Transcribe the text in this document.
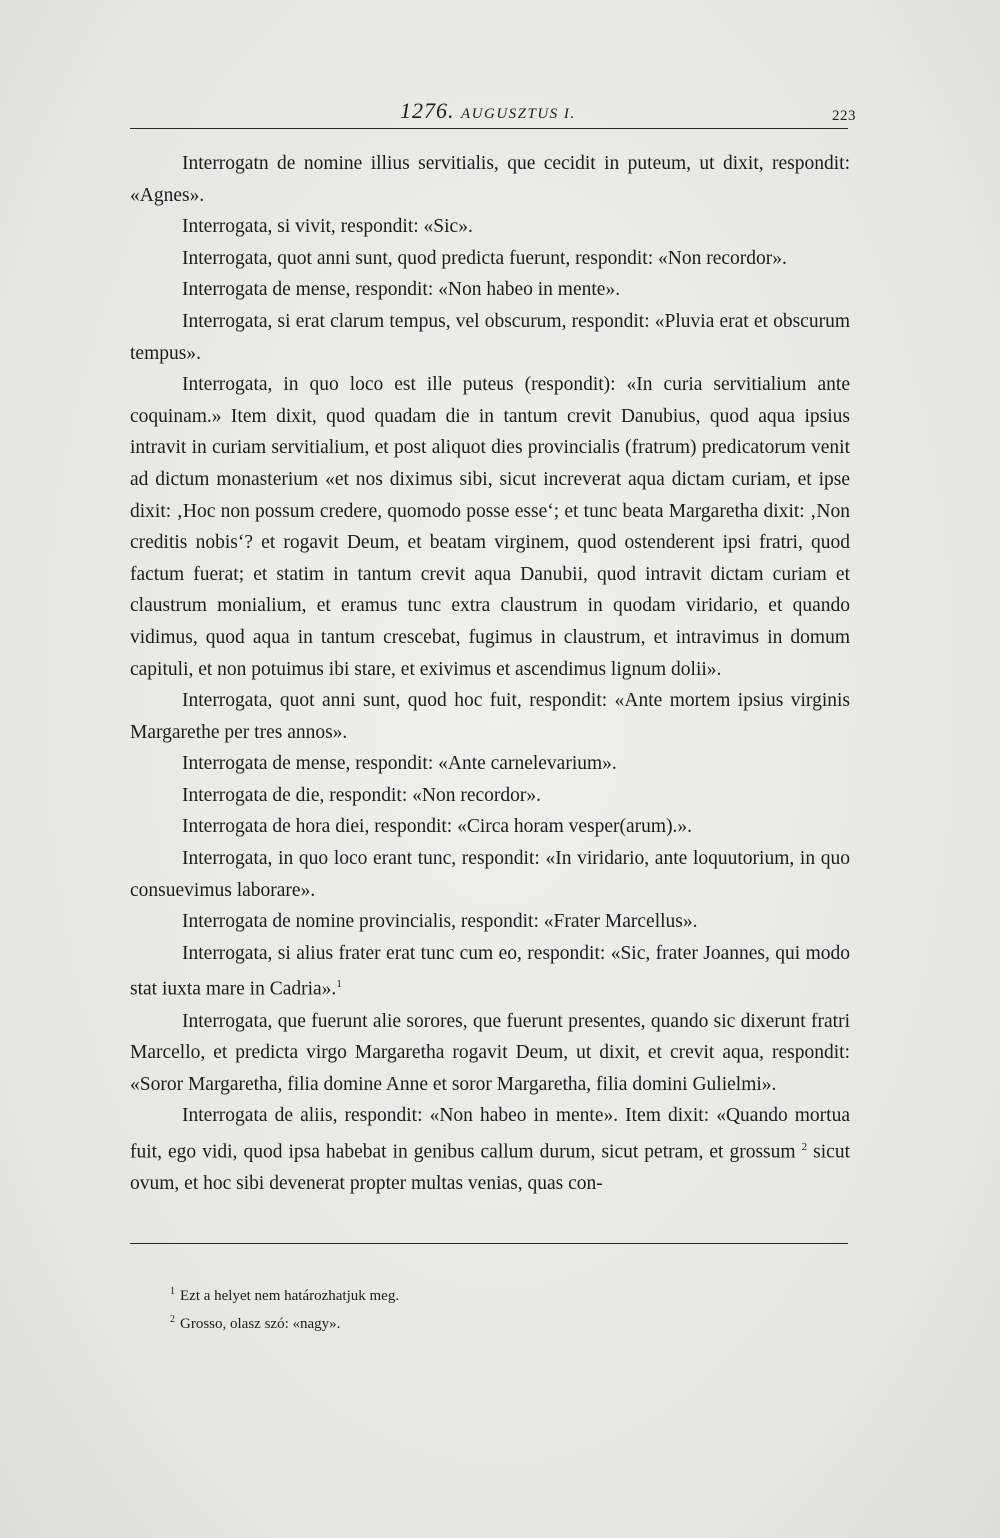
1276. AUGUSZTUS I.	223

Interrogatn de nomine illius servitialis, que cecidit in puteum, ut dixit, respondit: «Agnes».

Interrogata, si vivit, respondit: «Sic».

Interrogata, quot anni sunt, quod predicta fuerunt, respondit: «Non recordor».

Interrogata de mense, respondit: «Non habeo in mente».

Interrogata, si erat clarum tempus, vel obscurum, respondit: «Pluvia erat et obscurum tempus».

Interrogata, in quo loco est ille puteus (respondit): «In curia servitialium ante coquinam.» Item dixit, quod quadam die in tantum crevit Danubius, quod aqua ipsius intravit in curiam servitialium, et post aliquot dies provincialis (fratrum) predicatorum venit ad dictum monasterium «et nos diximus sibi, sicut increverat aqua dictam curiam, et ipse dixit: ‚Hoc non possum credere, quomodo posse esse‘; et tunc beata Margaretha dixit: ‚Non creditis nobis‘? et rogavit Deum, et beatam virginem, quod ostenderent ipsi fratri, quod factum fuerat; et statim in tantum crevit aqua Danubii, quod intravit dictam curiam et claustrum monialium, et eramus tunc extra claustrum in quodam viridario, et quando vidimus, quod aqua in tantum crescebat, fugimus in claustrum, et intravimus in domum capituli, et non potuimus ibi stare, et exivimus et ascendimus lignum dolii».

Interrogata, quot anni sunt, quod hoc fuit, respondit: «Ante mortem ipsius virginis Margarethe per tres annos».

Interrogata de mense, respondit: «Ante carnelevarium».

Interrogata de die, respondit: «Non recordor».

Interrogata de hora diei, respondit: «Circa horam vesper(arum).».

Interrogata, in quo loco erant tunc, respondit: «In viridario, ante loquutorium, in quo consuevimus laborare».

Interrogata de nomine provincialis, respondit: «Frater Marcellus».

Interrogata, si alius frater erat tunc cum eo, respondit: «Sic, frater Joannes, qui modo stat iuxta mare in Cadria».$^1$

Interrogata, que fuerunt alie sorores, que fuerunt presentes, quando sic dixerunt fratri Marcello, et predicta virgo Margaretha rogavit Deum, ut dixit, et crevit aqua, respondit: «Soror Margaretha, filia domine Anne et soror Margaretha, filia domini Gulielmi».

Interrogata de aliis, respondit: «Non habeo in mente». Item dixit: «Quando mortua fuit, ego vidi, quod ipsa habebat in genibus callum durum, sicut petram, et grossum $^2$ sicut ovum, et hoc sibi devenerat propter multas venias, quas con-

$^1$ Ezt a helyet nem határozhatjuk meg.

$^2$ Grosso, olasz szó: «nagy».
